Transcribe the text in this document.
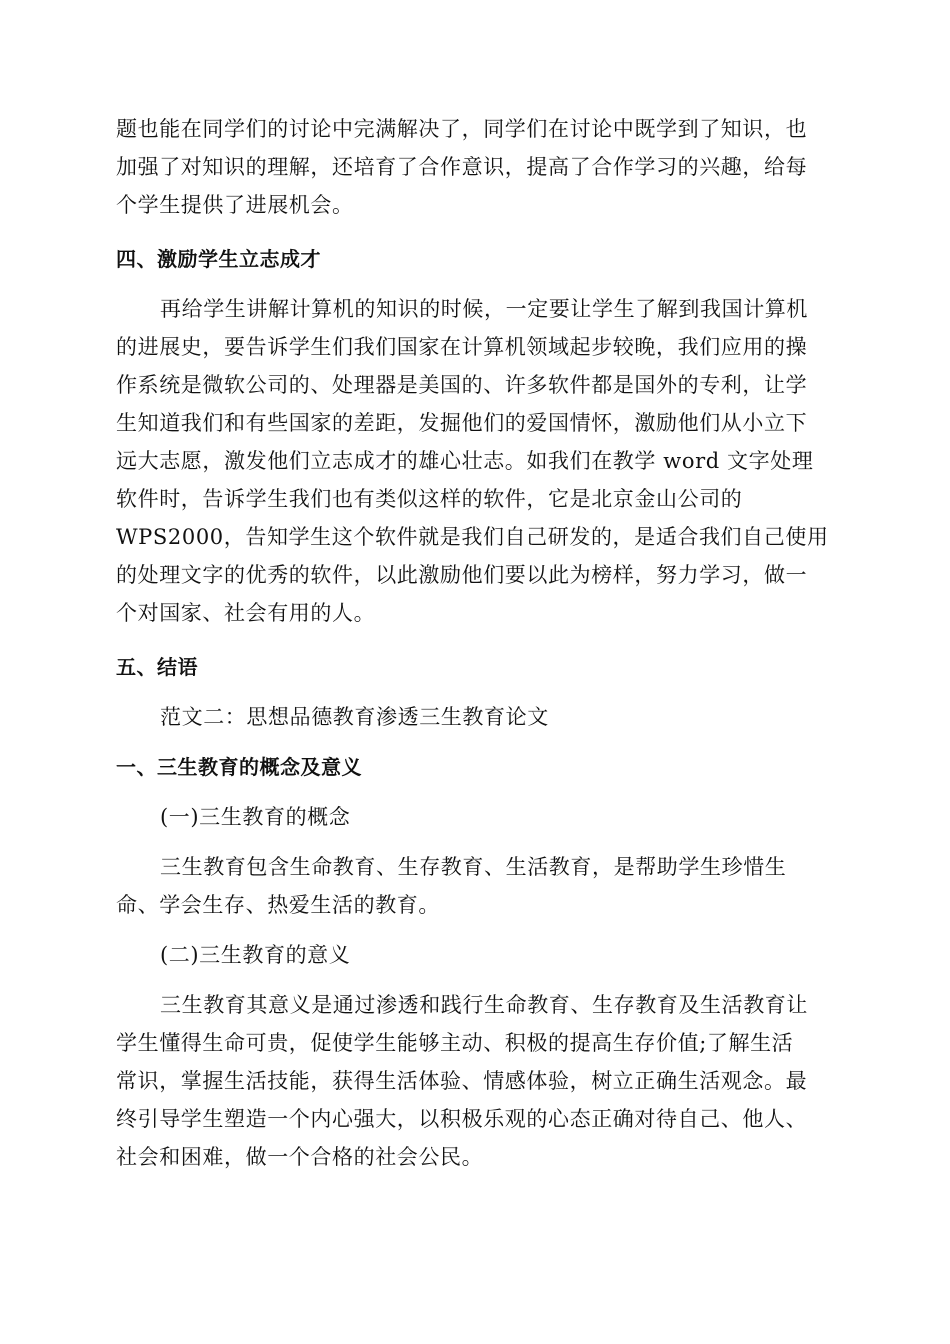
题也能在同学们的讨论中完满解决了，同学们在讨论中既学到了知识，也
加强了对知识的理解，还培育了合作意识，提高了合作学习的兴趣，给每
个学生提供了进展机会。
四、激励学生立志成才
再给学生讲解计算机的知识的时候，一定要让学生了解到我国计算机
的进展史，要告诉学生们我们国家在计算机领域起步较晚，我们应用的操
作系统是微软公司的、处理器是美国的、许多软件都是国外的专利，让学
生知道我们和有些国家的差距，发掘他们的爱国情怀，激励他们从小立下
远大志愿，激发他们立志成才的雄心壮志。如我们在教学 word 文字处理
软件时，告诉学生我们也有类似这样的软件，它是北京金山公司的
WPS2000，告知学生这个软件就是我们自己研发的，是适合我们自己使用
的处理文字的优秀的软件，以此激励他们要以此为榜样，努力学习，做一
个对国家、社会有用的人。
五、结语
范文二：思想品德教育渗透三生教育论文
一、三生教育的概念及意义
(一)三生教育的概念
三生教育包含生命教育、生存教育、生活教育，是帮助学生珍惜生
命、学会生存、热爱生活的教育。
(二)三生教育的意义
三生教育其意义是通过渗透和践行生命教育、生存教育及生活教育让
学生懂得生命可贵，促使学生能够主动、积极的提高生存价值;了解生活
常识，掌握生活技能，获得生活体验、情感体验，树立正确生活观念。最
终引导学生塑造一个内心强大，以积极乐观的心态正确对待自己、他人、
社会和困难，做一个合格的社会公民。
